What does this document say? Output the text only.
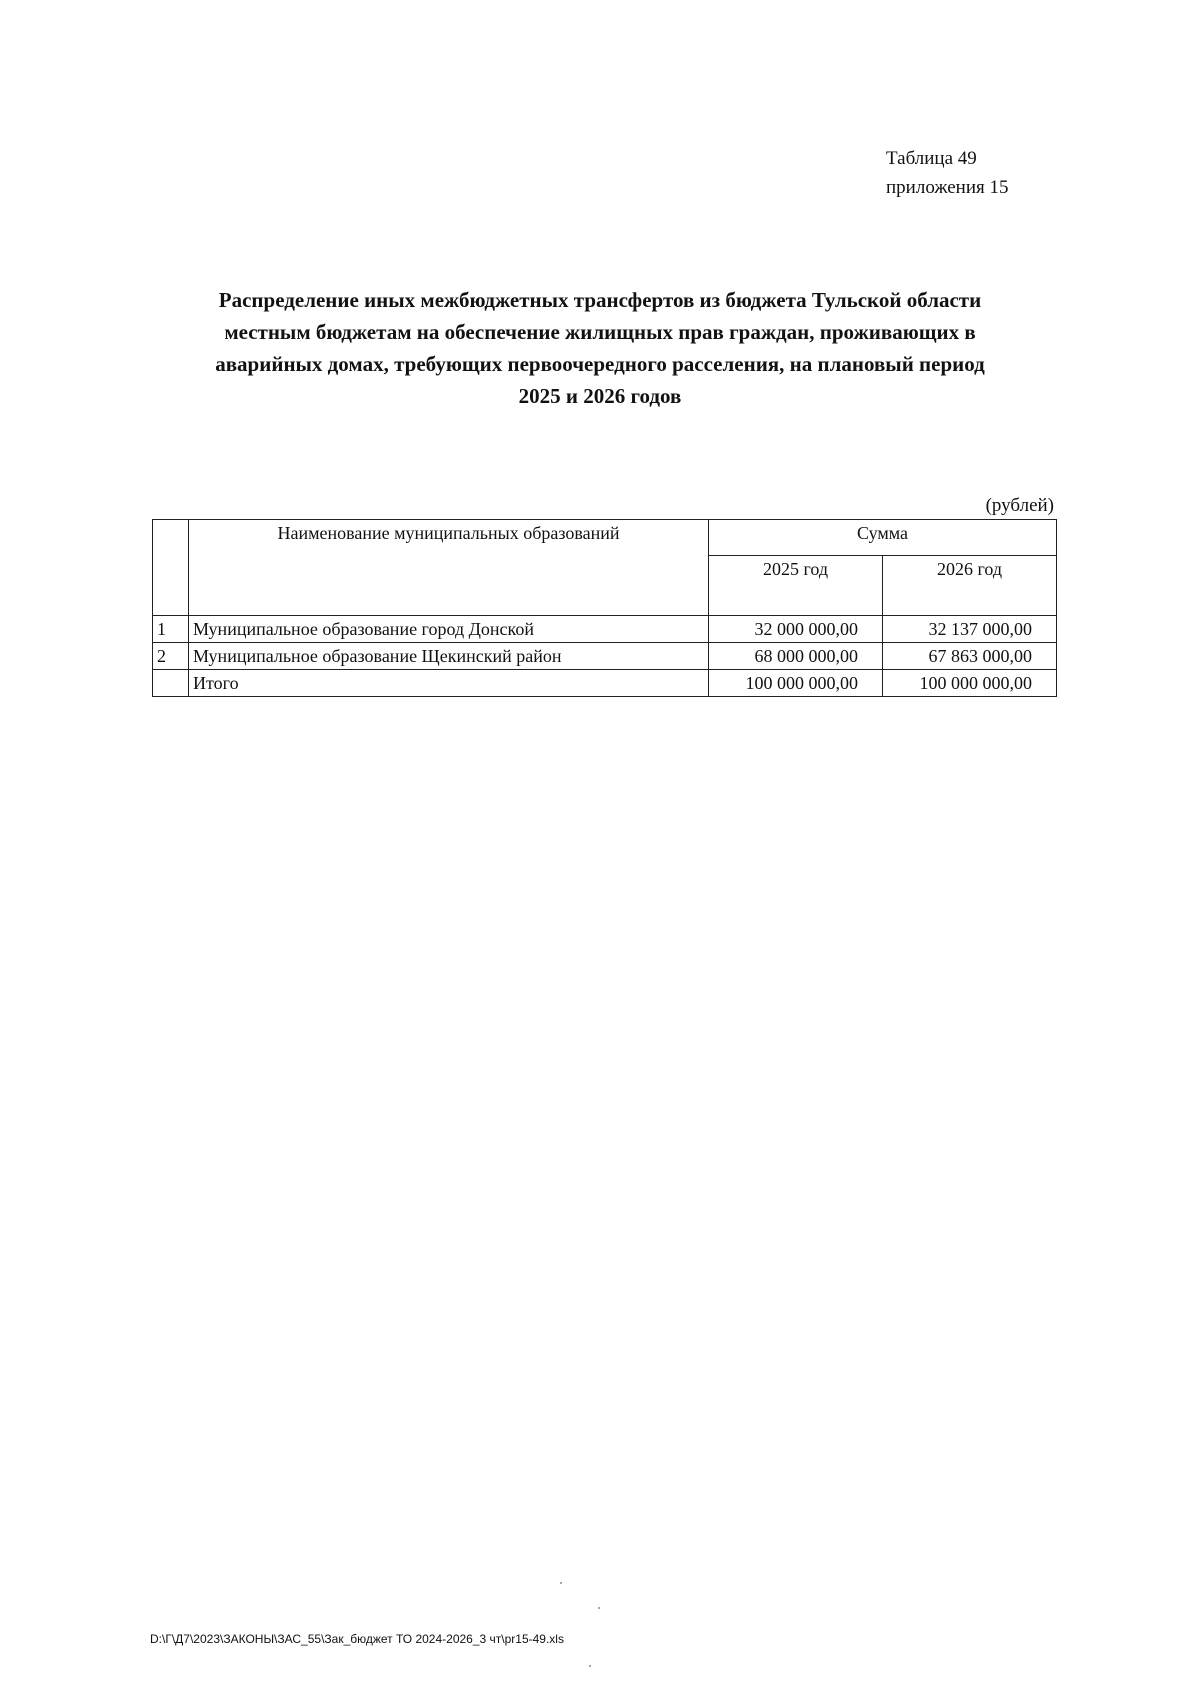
Таблица 49
приложения 15
Распределение иных межбюджетных трансфертов из бюджета Тульской области
местным бюджетам на обеспечение жилищных прав граждан, проживающих в
аварийных домах, требующих первоочередного расселения, на плановый период
2025 и 2026 годов
(рублей)
	Наименование муниципальных образований	Сумма	
		2025 год	2026 год
1	Муниципальное образование город Донской	32 000 000,00	32 137 000,00
2	Муниципальное образование Щекинский район	68 000 000,00	67 863 000,00
	Итого	100 000 000,00	100 000 000,00
D:\Г\Д7\2023\ЗАКОНЫ\ЗАС_55\Зак_бюджет ТО 2024-2026_3 чт\pr15-49.xls
